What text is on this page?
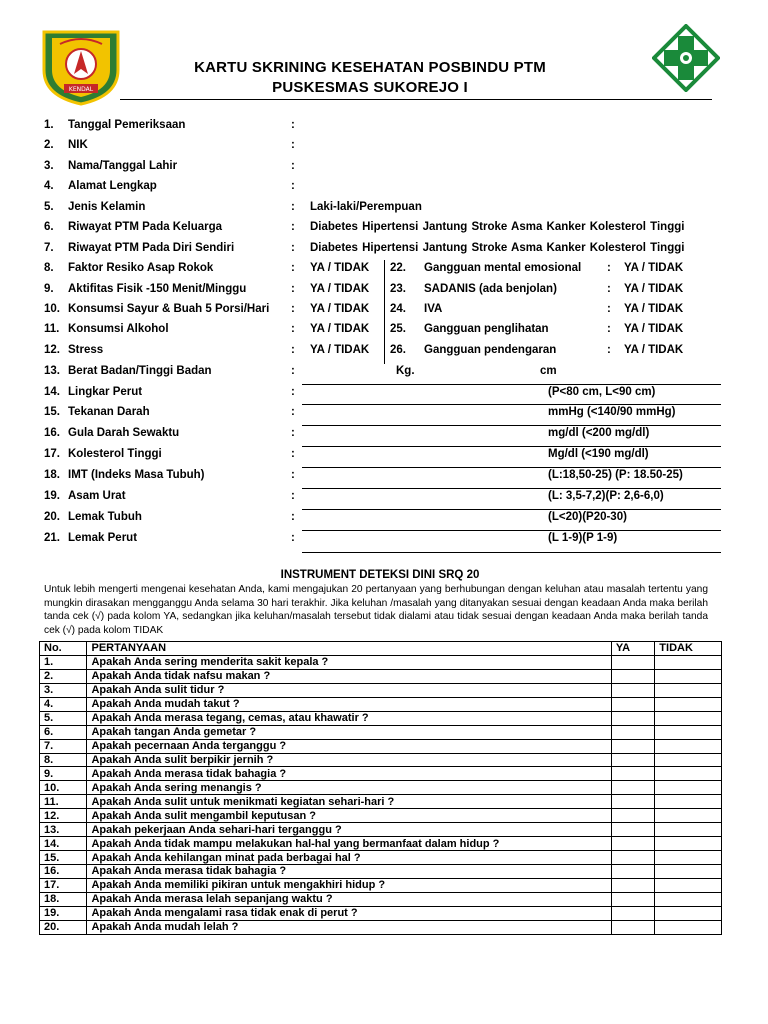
KENDAL
KARTU SKRINING KESEHATAN POSBINDU PTM
PUSKESMAS SUKOREJO I
1. Tanggal Pemeriksaan	:
2. NIK	:
3. Nama/Tanggal Lahir	:
4. Alamat Lengkap	:
5. Jenis Kelamin	: Laki-laki/Perempuan
6. Riwayat PTM Pada Keluarga	: Diabetes Hipertensi Jantung Stroke Asma Kanker Kolesterol Tinggi
7. Riwayat PTM Pada Diri Sendiri	: Diabetes Hipertensi Jantung Stroke Asma Kanker Kolesterol Tinggi
8. Faktor Resiko Asap Rokok	: YA / TIDAK 22. Gangguan mental emosional : YA / TIDAK
9. Aktifitas Fisik -150 Menit/Minggu	: YA / TIDAK 23. SADANIS (ada benjolan)	: YA / TIDAK
10. Konsumsi Sayur & Buah 5 Porsi/Hari : YA / TIDAK 24. IVA	: YA / TIDAK
11. Konsumsi Alkohol	: YA / TIDAK 25. Gangguan penglihatan	: YA / TIDAK
12. Stress	: YA / TIDAK 26. Gangguan pendengaran	: YA / TIDAK
13. Berat Badan/Tinggi Badan	:	Kg.	cm
14. Lingkar Perut	:	(P<80 cm, L<90 cm)
15. Tekanan Darah	:	mmHg (<140/90 mmHg)
16. Gula Darah Sewaktu	:	mg/dl (<200 mg/dl)
17. Kolesterol Tinggi	:	Mg/dl (<190 mg/dl)
18. IMT (Indeks Masa Tubuh)	:	(L:18,50-25) (P: 18.50-25)
19. Asam Urat	:	(L: 3,5-7,2)(P: 2,6-6,0)
20. Lemak Tubuh	:	(L<20)(P20-30)
21. Lemak Perut	:	(L 1-9)(P 1-9)
INSTRUMENT DETEKSI DINI SRQ 20
Untuk lebih mengerti mengenai kesehatan Anda, kami mengajukan 20 pertanyaan yang berhubungan dengan keluhan atau masalah tertentu yang mungkin dirasakan mengganggu Anda selama 30 hari terakhir. Jika keluhan /masalah yang ditanyakan sesuai dengan keadaan Anda maka berilah tanda cek (√) pada kolom YA, sedangkan jika keluhan/masalah tersebut tidak dialami atau tidak sesuai dengan keadaan Anda maka berilah tanda cek (√) pada kolom TIDAK
No.	PERTANYAAN	YA	TIDAK
1.	Apakah Anda sering menderita sakit kepala ?		
2.	Apakah Anda tidak nafsu makan ?		
3.	Apakah Anda sulit tidur ?		
4.	Apakah Anda mudah takut ?		
5.	Apakah Anda merasa tegang, cemas, atau khawatir ?		
6.	Apakah tangan Anda gemetar ?		
7.	Apakah pecernaan Anda terganggu ?		
8.	Apakah Anda sulit berpikir jernih ?		
9.	Apakah Anda merasa tidak bahagia ?		
10.	Apakah Anda sering menangis ?		
11.	Apakah Anda sulit untuk menikmati kegiatan sehari-hari ?		
12.	Apakah Anda sulit mengambil keputusan ?		
13.	Apakah pekerjaan Anda sehari-hari terganggu ?		
14.	Apakah Anda tidak mampu melakukan hal-hal yang bermanfaat dalam hidup ?		
15.	Apakah Anda kehilangan minat pada berbagai hal ?		
16.	Apakah Anda merasa tidak bahagia ?		
17.	Apakah Anda memiliki pikiran untuk mengakhiri hidup ?		
18.	Apakah Anda merasa lelah sepanjang waktu ?		
19.	Apakah Anda mengalami rasa tidak enak di perut ?		
20.	Apakah Anda mudah lelah ?		
